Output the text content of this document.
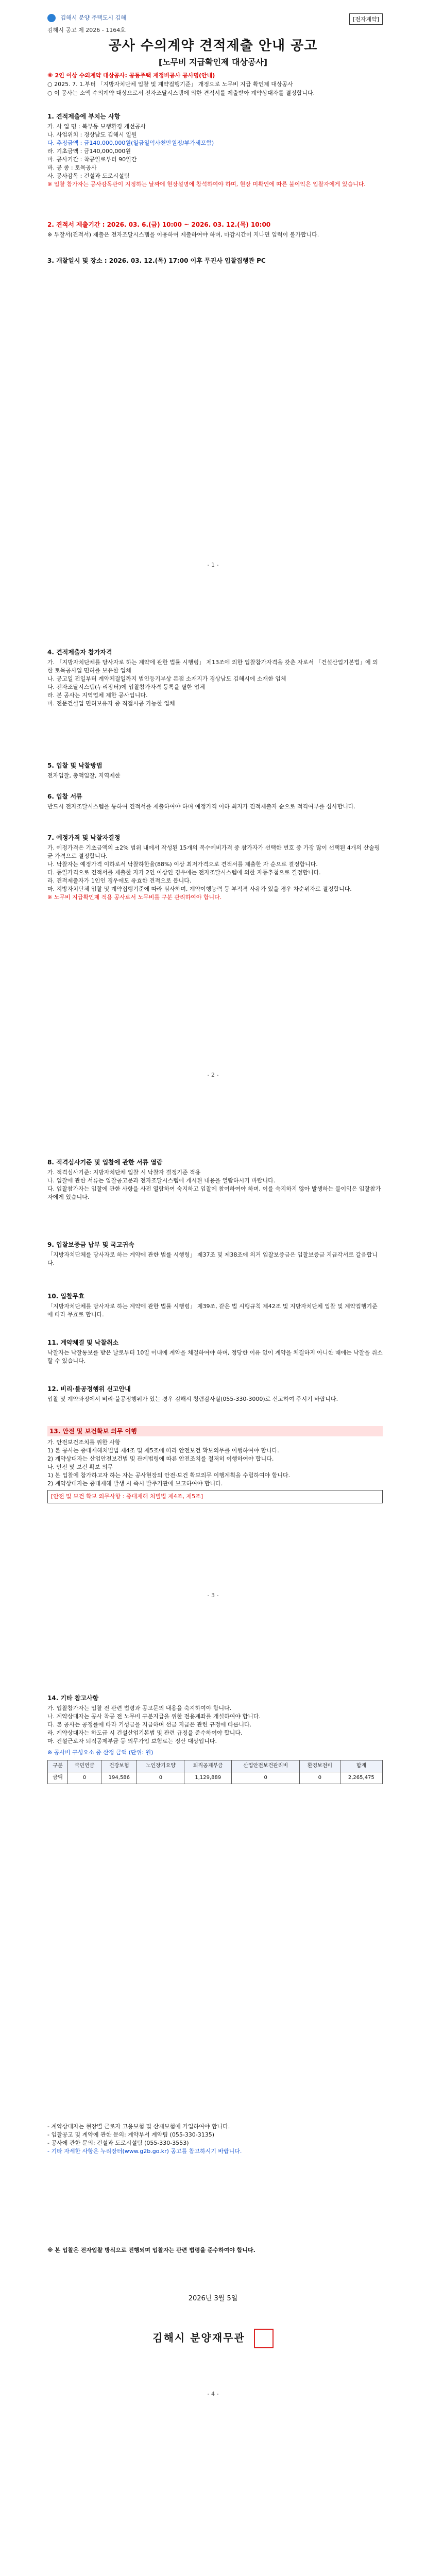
김해시 분양 주택도시 김해	[전자계약]
김해시 공고 제 2026 - 1164호
공사 수의계약 견적제출 안내 공고
[노무비 지급확인제 대상공사]
※ 2인 이상 수의계약 대상공사: 공동주택 재정비공사 공사명(안내)
○ 2025. 7. 1.부터 「지방자치단체 입찰 및 계약집행기준」 개정으로 노무비 지급 확인제 대상공사
○ 이 공사는 소액 수의계약 대상으로서 전자조달시스템에 의한 견적서를 제출받아 계약상대자를 결정합니다.
1. 견적제출에 부치는 사항
가. 사 업 명 : 북부동 보행환경 개선공사
나. 사업위치 : 경상남도 김해시 일원
다. 추정금액 : 금140,000,000원(일금일억사천만원정/부가세포함)
라. 기초금액 : 금140,000,000원
마. 공사기간 : 착공일로부터 90일간
바. 공 종 : 토목공사
사. 공사감독 : 건설과 도로시설팀
※ 입찰 참가자는 공사감독관이 지정하는 날짜에 현장설명에 참석하여야 하며, 현장 미확인에 따른 불이익은 입찰자에게 있습니다.
2. 견적서 제출기간 : 2026. 03. 6.(금) 10:00 ~ 2026. 03. 12.(목) 10:00
※ 투찰서(견적서) 제출은 전자조달시스템을 이용하여 제출하여야 하며, 마감시간이 지나면 입력이 불가합니다.
3. 개찰일시 및 장소 : 2026. 03. 12.(목) 17:00 이후 무진사 입찰집행관 PC
- 1 -
4. 견적제출자 참가자격
가. 「지방자치단체를 당사자로 하는 계약에 관한 법률 시행령」 제13조에 의한 입찰참가자격을 갖춘 자로서 「건설산업기본법」에 의한 토목공사업 면허를 보유한 업체
나. 공고일 전일부터 계약체결일까지 법인등기부상 본점 소재지가 경상남도 김해시에 소재한 업체
다. 전자조달시스템(누리장터)에 입찰참가자격 등록을 필한 업체
라. 본 공사는 지역업체 제한 공사입니다.
마. 전문건설업 면허보유자 중 직접시공 가능한 업체
5. 입찰 및 낙찰방법
전자입찰, 총액입찰, 지역제한
6. 입찰 서류
반드시 전자조달시스템을 통하여 견적서를 제출하여야 하며 예정가격 이하 최저가 견적제출자 순으로 적격여부를 심사합니다.
7. 예정가격 및 낙찰자결정
가. 예정가격은 기초금액의 ±2% 범위 내에서 작성된 15개의 복수예비가격 중 참가자가 선택한 번호 중 가장 많이 선택된 4개의 산술평균 가격으로 결정합니다.
나. 낙찰자는 예정가격 이하로서 낙찰하한율(88%) 이상 최저가격으로 견적서를 제출한 자 순으로 결정합니다.
다. 동일가격으로 견적서를 제출한 자가 2인 이상인 경우에는 전자조달시스템에 의한 자동추첨으로 결정합니다.
라. 견적제출자가 1인인 경우에도 유효한 견적으로 봅니다.
마. 지방자치단체 입찰 및 계약집행기준에 따라 심사하며, 계약이행능력 등 부적격 사유가 있을 경우 차순위자로 결정합니다.
※ 노무비 지급확인제 적용 공사로서 노무비를 구분 관리하여야 합니다.
- 2 -
8. 적격심사기준 및 입찰에 관한 서류 열람
가. 적격심사기준: 지방자치단체 입찰 시 낙찰자 결정기준 적용
나. 입찰에 관한 서류는 입찰공고문과 전자조달시스템에 게시된 내용을 열람하시기 바랍니다.
다. 입찰참가자는 입찰에 관한 사항을 사전 열람하여 숙지하고 입찰에 참여하여야 하며, 이를 숙지하지 않아 발생하는 불이익은 입찰참가자에게 있습니다.
9. 입찰보증금 납부 및 국고귀속
「지방자치단체를 당사자로 하는 계약에 관한 법률 시행령」 제37조 및 제38조에 의거 입찰보증금은 입찰보증금 지급각서로 갈음합니다.
10. 입찰무효
「지방자치단체를 당사자로 하는 계약에 관한 법률 시행령」 제39조, 같은 법 시행규칙 제42조 및 지방자치단체 입찰 및 계약집행기준에 따라 무효로 합니다.
11. 계약체결 및 낙찰취소
낙찰자는 낙찰통보를 받은 날로부터 10일 이내에 계약을 체결하여야 하며, 정당한 이유 없이 계약을 체결하지 아니한 때에는 낙찰을 취소할 수 있습니다.
12. 비리·불공정행위 신고안내
입찰 및 계약과정에서 비리·불공정행위가 있는 경우 김해시 청렴감사실(055-330-3000)로 신고하여 주시기 바랍니다.
13. 안전 및 보건확보 의무 이행
가. 안전보건조치를 위한 사항
1) 본 공사는 중대재해처벌법 제4조 및 제5조에 따라 안전보건 확보의무를 이행하여야 합니다.
2) 계약상대자는 산업안전보건법 및 관계법령에 따른 안전조치를 철저히 이행하여야 합니다.
나. 안전 및 보건 확보 의무
1) 본 입찰에 참가하고자 하는 자는 공사현장의 안전·보건 확보의무 이행계획을 수립하여야 합니다.
2) 계약상대자는 중대재해 발생 시 즉시 발주기관에 보고하여야 합니다.
[안전 및 보건 확보 의무사항 : 중대재해 처벌법 제4조, 제5조]
- 3 -
14. 기타 참고사항
가. 입찰참가자는 입찰 전 관련 법령과 공고문의 내용을 숙지하여야 합니다.
나. 계약상대자는 공사 착공 전 노무비 구분지급을 위한 전용계좌를 개설하여야 합니다.
다. 본 공사는 공정률에 따라 기성금을 지급하며 선금 지급은 관련 규정에 따릅니다.
라. 계약상대자는 하도급 시 건설산업기본법 및 관련 규정을 준수하여야 합니다.
마. 건설근로자 퇴직공제부금 등 의무가입 보험료는 정산 대상입니다.
※ 공사비 구성요소 중 산정 금액 (단위: 원)
구분	국민연금	건강보험	노인장기요양	퇴직공제부금	산업안전보건관리비	환경보전비	합계
금액	0	194,586	0	1,129,889	0	0	2,265,475
- 계약상대자는 현장별 근로자 고용보험 및 산재보험에 가입하여야 합니다.
- 입찰공고 및 계약에 관한 문의: 계약부서 계약팀 (055-330-3135)
- 공사에 관한 문의: 건설과 도로시설팀 (055-330-3553)
- 기타 자세한 사항은 누리장터(www.g2b.go.kr) 공고를 참고하시기 바랍니다.
※ 본 입찰은 전자입찰 방식으로 진행되며 입찰자는 관련 법령을 준수하여야 합니다.
2026년 3월 5일
김해시 분양재무관
- 4 -
